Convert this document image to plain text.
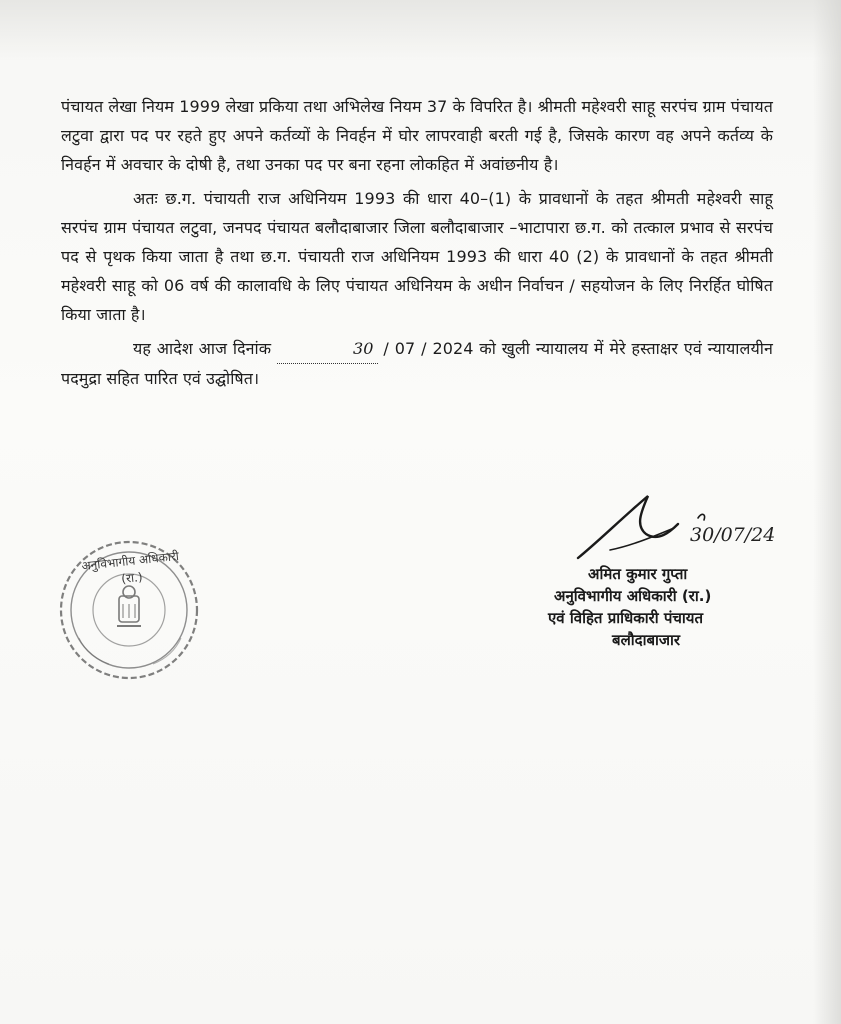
पंचायत लेखा नियम 1999 लेखा प्रकिया तथा अभिलेख नियम 37 के विपरित है। श्रीमती महेश्वरी साहू सरपंच ग्राम पंचायत लटुवा द्वारा पद पर रहते हुए अपने कर्तव्यों के निवर्हन में घोर लापरवाही बरती गई है, जिसके कारण वह अपने कर्तव्य के निवर्हन में अवचार के दोषी है, तथा उनका पद पर बना रहना लोकहित में अवांछनीय है।

अतः छ.ग. पंचायती राज अधिनियम 1993 की धारा 40–(1) के प्रावधानों के तहत श्रीमती महेश्वरी साहू सरपंच ग्राम पंचायत लटुवा, जनपद पंचायत बलौदाबाजार जिला बलौदाबाजार –भाटापारा छ.ग. को तत्काल प्रभाव से सरपंच पद से पृथक किया जाता है तथा छ.ग. पंचायती राज अधिनियम 1993 की धारा 40 (2) के प्रावधानों के तहत श्रीमती महेश्वरी साहू को 06 वर्ष की कालावधि के लिए पंचायत अधिनियम के अधीन निर्वाचन / सहयोजन के लिए निरर्हित घोषित किया जाता है।

यह आदेश आज दिनांक	30 / 07 / 2024 को खुली न्यायालय में मेरे हस्ताक्षर एवं न्यायालयीन पदमुद्रा सहित पारित एवं उद्घोषित।

अनुविभागीय अधिकारी (रा.)
30/07/24
अमित कुमार गुप्ता
अनुविभागीय अधिकारी (रा.)
एवं विहित प्राधिकारी पंचायत
बलौदाबाजार
